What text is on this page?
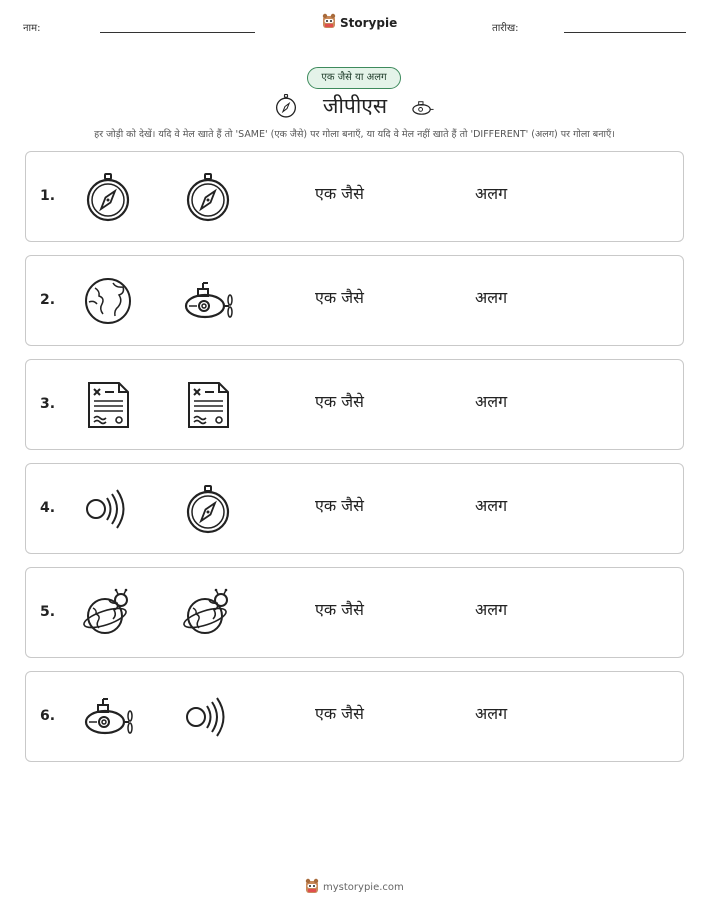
नाम:	Storypie	तारीख:
एक जैसे या अलग
जीपीएस
हर जोड़ी को देखें। यदि वे मेल खाते हैं तो 'SAME' (एक जैसे) पर गोला बनाएँ, या यदि वे मेल नहीं खाते हैं तो 'DIFFERENT' (अलग) पर गोला बनाएँ।
1.	एक जैसे	अलग
2.	एक जैसे	अलग
3.	एक जैसे	अलग
4.	एक जैसे	अलग
5.	एक जैसे	अलग
6.	एक जैसे	अलग
mystorypie.com
